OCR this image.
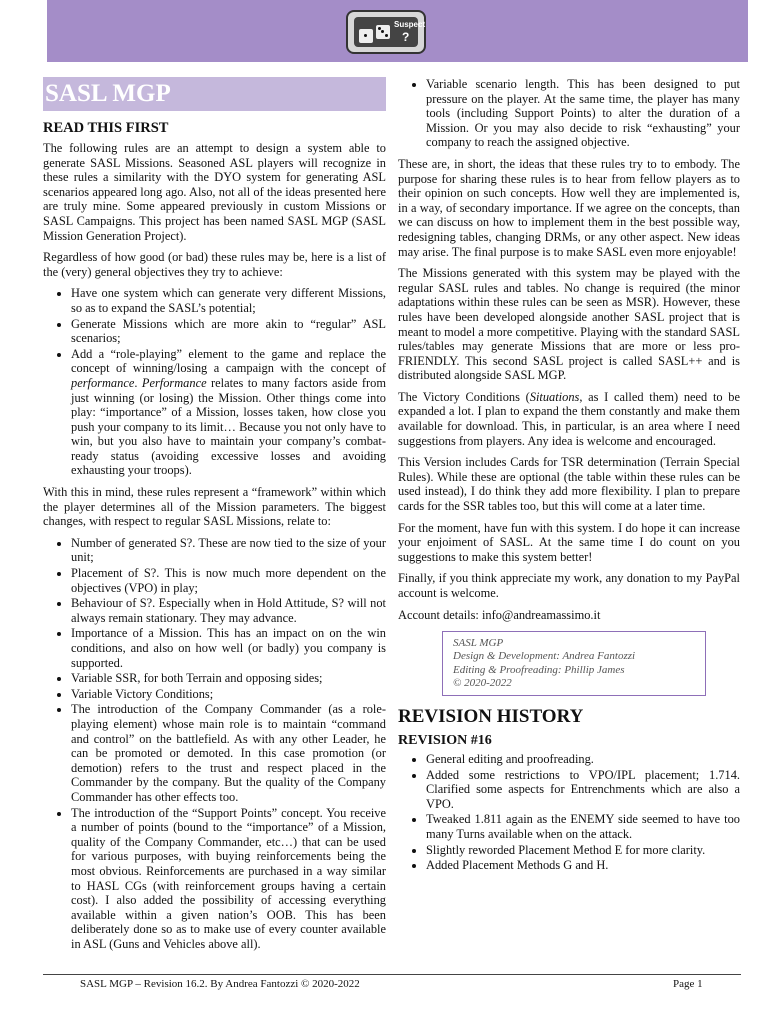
Suspect
?
SASL MGP
READ THIS FIRST

The following rules are an attempt to design a system able to generate SASL Missions. Seasoned ASL players will recognize in these rules a similarity with the DYO system for generating ASL scenarios appeared long ago. Also, not all of the ideas presented here are truly mine. Some appeared previously in custom Missions or SASL Campaigns. This project has been named SASL MGP (SASL Mission Generation Project).

Regardless of how good (or bad) these rules may be, here is a list of the (very) general objectives they try to achieve:

• Have one system which can generate very different Missions, so as to expand the SASL’s potential;
• Generate Missions which are more akin to “regular” ASL scenarios;
• Add a “role-playing” element to the game and replace the concept of winning/losing a campaign with the concept of performance. Performance relates to many factors aside from just winning (or losing) the Mission. Other things come into play: “importance” of a Mission, losses taken, how close you push your company to its limit… Because you not only have to win, but you also have to maintain your company’s combat-ready status (avoiding excessive losses and avoiding exhausting your troops).

With this in mind, these rules represent a “framework” within which the player determines all of the Mission parameters. The biggest changes, with respect to regular SASL Missions, relate to:

• Number of generated S?. These are now tied to the size of your unit;
• Placement of S?. This is now much more dependent on the objectives (VPO) in play;
• Behaviour of S?. Especially when in Hold Attitude, S? will not always remain stationary. They may advance.
• Importance of a Mission. This has an impact on on the win conditions, and also on how well (or badly) you company is supported.
• Variable SSR, for both Terrain and opposing sides;
• Variable Victory Conditions;
• The introduction of the Company Commander (as a role-playing element) whose main role is to maintain “command and control” on the battlefield. As with any other Leader, he can be promoted or demoted. In this case promotion (or demotion) refers to the trust and respect placed in the Commander by the company. But the quality of the Company Commander has other effects too.
• The introduction of the “Support Points” concept. You receive a number of points (bound to the “importance” of a Mission, quality of the Company Commander, etc…) that can be used for various purposes, with buying reinforcements being the most obvious. Reinforcements are purchased in a way similar to HASL CGs (with reinforcement groups having a certain cost). I also added the possibility of accessing everything available within a given nation’s OOB. This has been deliberately done so as to make use of every counter available in ASL (Guns and Vehicles above all).
• Variable scenario length. This has been designed to put pressure on the player. At the same time, the player has many tools (including Support Points) to alter the duration of a Mission. Or you may also decide to risk “exhausting” your company to reach the assigned objective.

These are, in short, the ideas that these rules try to to embody. The purpose for sharing these rules is to hear from fellow players as to their opinion on such concepts. How well they are implemented is, in a way, of secondary importance. If we agree on the concepts, than we can discuss on how to implement them in the best possible way, redesigning tables, changing DRMs, or any other aspect. New ideas may arise. The final purpose is to make SASL even more enjoyable!

The Missions generated with this system may be played with the regular SASL rules and tables. No change is required (the minor adaptations within these rules can be seen as MSR). However, these rules have been developed alongside another SASL project that is meant to model a more competitive. Playing with the standard SASL rules/tables may generate Missions that are more or less pro-FRIENDLY. This second SASL project is called SASL++ and is distributed alongside SASL MGP.

The Victory Conditions (Situations, as I called them) need to be expanded a lot. I plan to expand the them constantly and make them available for download. This, in particular, is an area where I need suggestions from players. Any idea is welcome and encouraged.

This Version includes Cards for TSR determination (Terrain Special Rules). While these are optional (the table within these rules can be used instead), I do think they add more flexibility. I plan to prepare cards for the SSR tables too, but this will come at a later time.

For the moment, have fun with this system. I do hope it can increase your enjoiment of SASL. At the same time I do count on you suggestions to make this system better!

Finally, if you think appreciate my work, any donation to my PayPal account is welcome.

Account details: info@andreamassimo.it

SASL MGP
Design & Development: Andrea Fantozzi
Editing & Proofreading: Phillip James
© 2020-2022
REVISION HISTORY
REVISION #16
• General editing and proofreading.
• Added some restrictions to VPO/IPL placement; 1.714. Clarified some aspects for Entrenchments which are also a VPO.
• Tweaked 1.811 again as the ENEMY side seemed to have too many Turns available when on the attack.
• Slightly reworded Placement Method E for more clarity.
• Added Placement Methods G and H.
SASL MGP – Revision 16.2. By Andrea Fantozzi © 2020-2022	Page 1
